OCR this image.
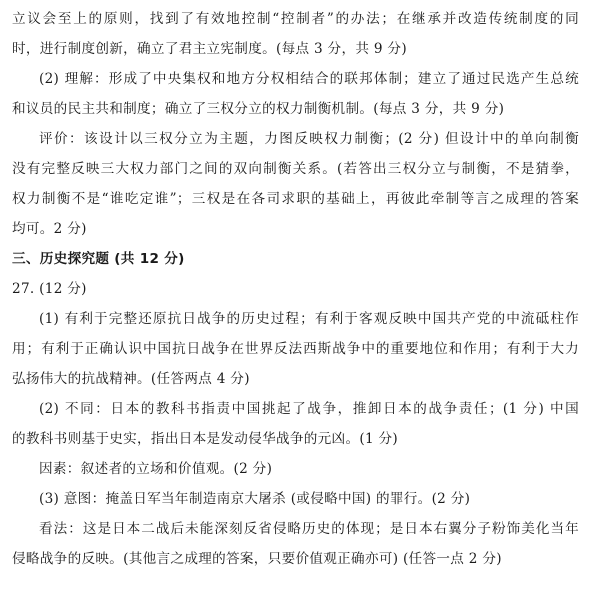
立议会至上的原则，找到了有效地控制“控制者”的办法；在继承并改造传统制度的同
时，进行制度创新，确立了君主立宪制度。(每点 3 分，共 9 分)
(2) 理解：形成了中央集权和地方分权相结合的联邦体制；建立了通过民选产生总统
和议员的民主共和制度；确立了三权分立的权力制衡机制。(每点 3 分，共 9 分)
评价：该设计以三权分立为主题，力图反映权力制衡；(2 分) 但设计中的单向制衡
没有完整反映三大权力部门之间的双向制衡关系。(若答出三权分立与制衡，不是猜拳，
权力制衡不是“谁吃定谁”；三权是在各司求职的基础上，再彼此牵制等言之成理的答案
均可。2 分)
三、历史探究题 (共 12 分)
27. (12 分)
(1) 有利于完整还原抗日战争的历史过程；有利于客观反映中国共产党的中流砥柱作
用；有利于正确认识中国抗日战争在世界反法西斯战争中的重要地位和作用；有利于大力
弘扬伟大的抗战精神。(任答两点 4 分)
(2) 不同：日本的教科书指责中国挑起了战争，推卸日本的战争责任；(1 分) 中国
的教科书则基于史实，指出日本是发动侵华战争的元凶。(1 分)
因素：叙述者的立场和价值观。(2 分)
(3) 意图：掩盖日军当年制造南京大屠杀 (或侵略中国) 的罪行。(2 分)
看法：这是日本二战后未能深刻反省侵略历史的体现；是日本右翼分子粉饰美化当年
侵略战争的反映。(其他言之成理的答案，只要价值观正确亦可) (任答一点 2 分)
